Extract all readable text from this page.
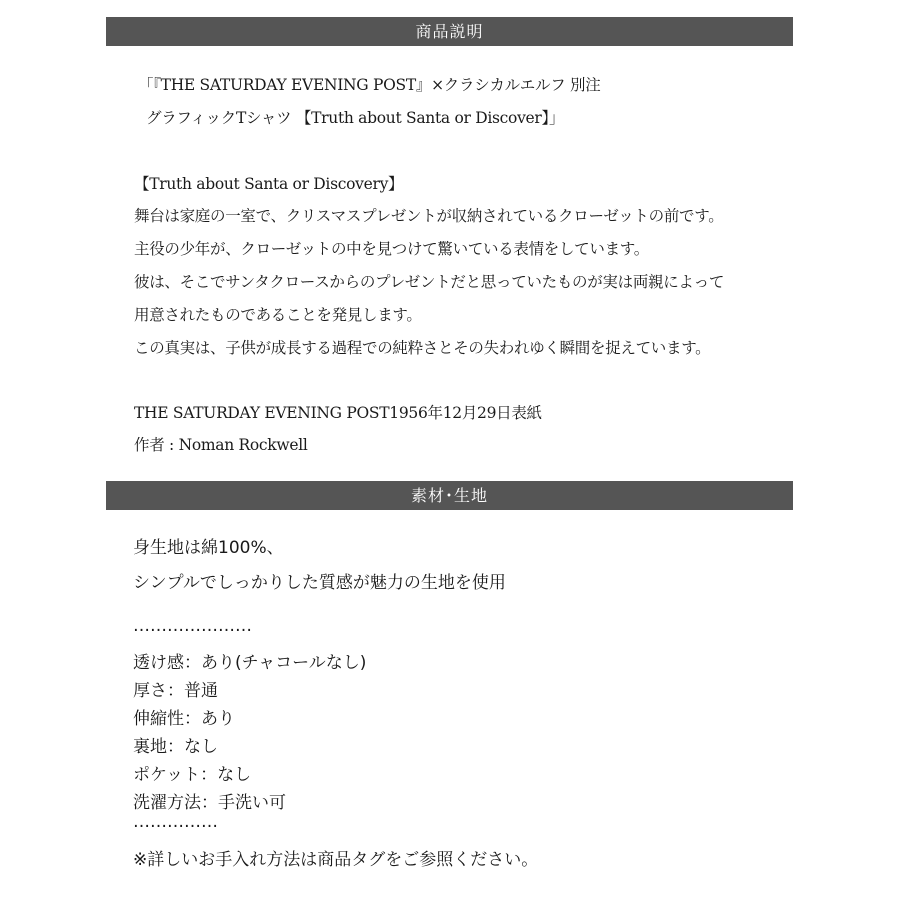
商品説明
「『THE SATURDAY EVENING POST』×クラシカルエルフ 別注
グラフィックTシャツ 【Truth about Santa or Discover】」
【Truth about Santa or Discovery】
舞台は家庭の一室で、クリスマスプレゼントが収納されているクローゼットの前です。
主役の少年が、クローゼットの中を見つけて驚いている表情をしています。
彼は、そこでサンタクロースからのプレゼントだと思っていたものが実は両親によって
用意されたものであることを発見します。
この真実は、子供が成長する過程での純粋さとその失われゆく瞬間を捉えています。
THE SATURDAY EVENING POST1956年12月29日表紙
作者 : Noman Rockwell
素材･生地
身生地は綿100%、
シンプルでしっかりした質感が魅力の生地を使用
…………………
透け感：あり(チャコールなし)
厚さ：普通
伸縮性：あり
裏地：なし
ポケット：なし
洗濯方法：手洗い可
……………
※詳しいお手入れ方法は商品タグをご参照ください。
